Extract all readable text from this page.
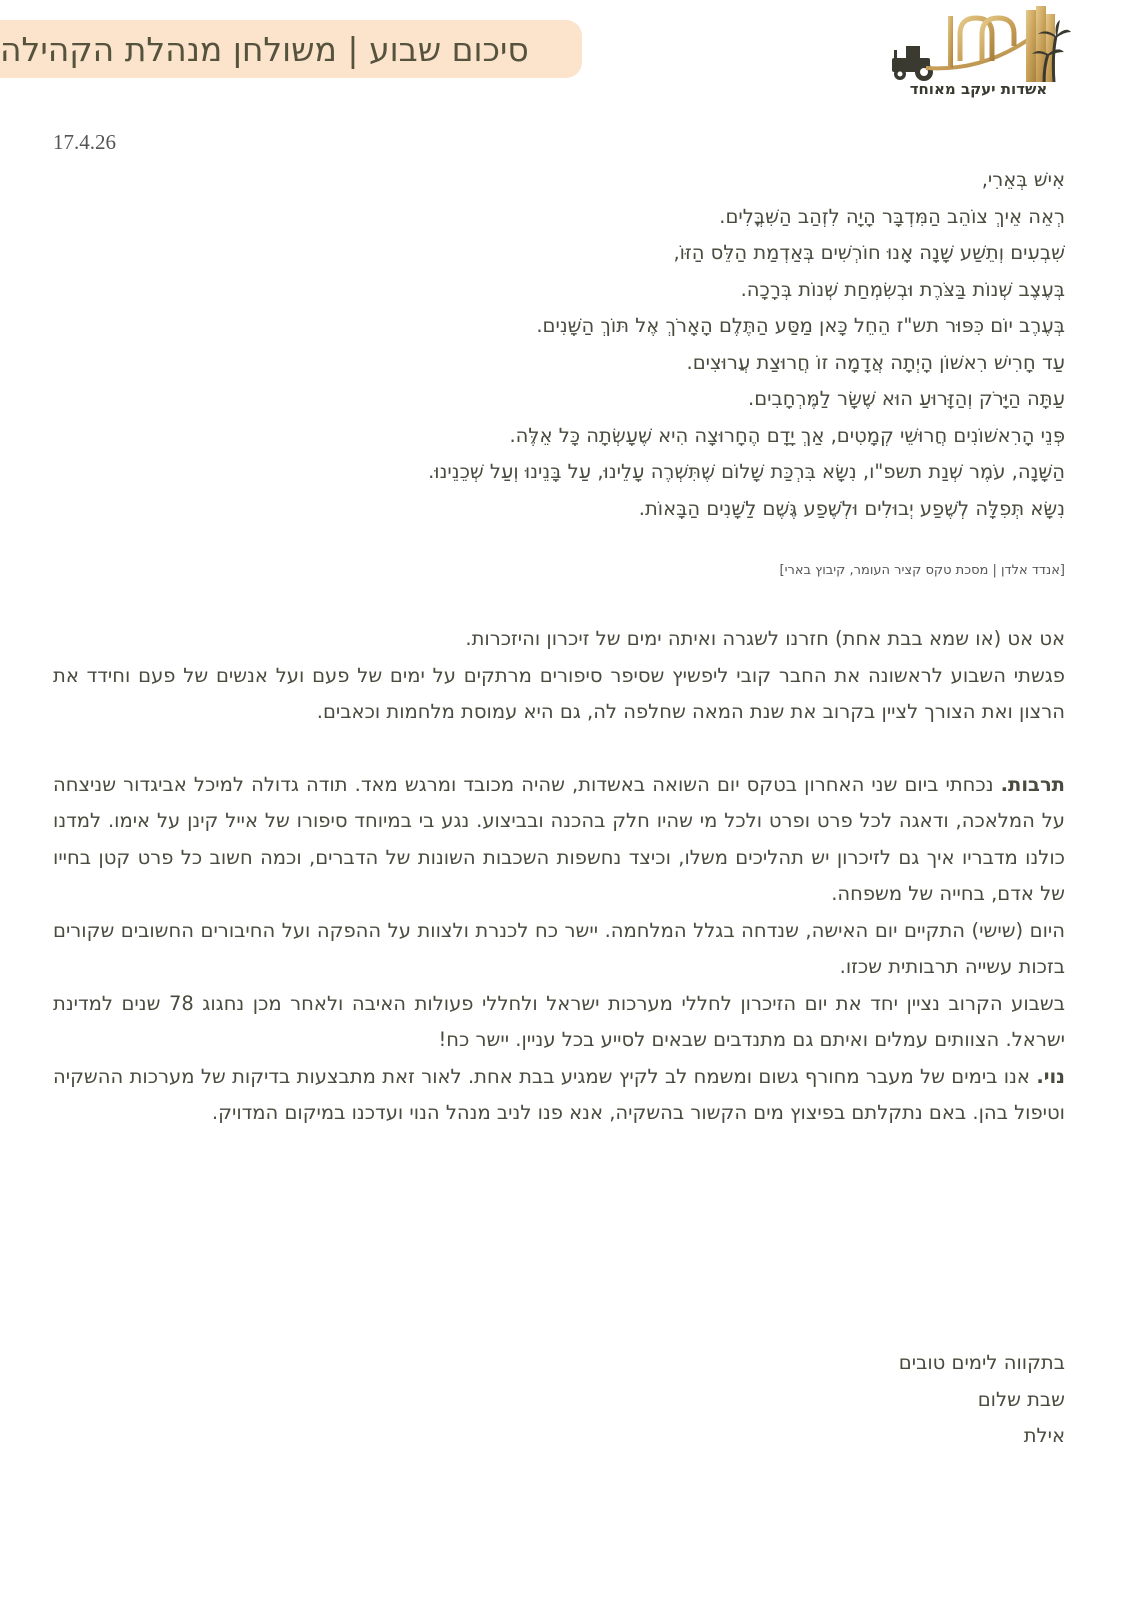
סיכום שבוע | משולחן מנהלת הקהילה
אשדות יעקב מאוחד
17.4.26
אִישׁ בְּאֵרִי,
רְאֵה אֵיךְ צוֹהֵב הַמִּדְבָּר הָיָה לִזְהַב הַשִּׁבֳּלִים.
שִׁבְעִים וְתֵשַׁע שָׁנָה אָנוּ חוֹרְשִׁים בְּאַדְמַת הַלֵּס הַזּוֹ,
בְּעֶצֶב שְׁנוֹת בַּצֹּרֶת וּבְשִׂמְחַת שְׁנוֹת בְּרָכָה.
בְּעֶרֶב יוֹם כִּפּוּר תש"ז הֵחֵל כָּאן מַסַּע הַתֶּלֶם הָאָרֹךְ אֶל תּוֹךְ הַשָּׁנִים.
עַד חָרִישׁ רִאשׁוֹן הָיְתָה אֲדָמָה זוֹ חֲרוּצַת עֲרוּצִים.
עַתָּה הַיָּרֹק וְהַזָּרוּעַ הוּא שֶׁשָּׂר לַמֶּרְחָבִים.
פְּנֵי הָרִאשׁוֹנִים חֲרוּשֵׁי קְמָטִים, אַךְ יָדָם הֶחָרוּצָה הִיא שֶׁעָשְׂתָה כָּל אֵלֶּה.
הַשָּׁנָה, עֹמֶר שְׁנַת תשפ"ו, נִשָּׂא בִּרְכַּת שָׁלוֹם שֶׁתִּשְׁרֶה עָלֵינוּ, עַל בָּנֵינוּ וְעַל שְׁכֵנֵינוּ.
נִשָּׂא תְּפִלָּה לְשֶׁפַע יְבוּלִים וּלְשֶׁפַע גֶּשֶׁם לַשָּׁנִים הַבָּאוֹת.
[אנדד אלדן | מסכת טקס קציר העומר, קיבוץ בארי]

אט אט (או שמא בבת אחת) חזרנו לשגרה ואיתה ימים של זיכרון והיזכרות.

פגשתי השבוע לראשונה את החבר קובי ליפשיץ שסיפר סיפורים מרתקים על ימים של פעם ועל אנשים של פעם וחידד את הרצון ואת הצורך לציין בקרוב את שנת המאה שחלפה לה, גם היא עמוסת מלחמות וכאבים.

תרבות. נכחתי ביום שני האחרון בטקס יום השואה באשדות, שהיה מכובד ומרגש מאד. תודה גדולה למיכל אביגדור שניצחה על המלאכה, ודאגה לכל פרט ופרט ולכל מי שהיו חלק בהכנה ובביצוע. נגע בי במיוחד סיפורו של אייל קינן על אימו. למדנו כולנו מדבריו איך גם לזיכרון יש תהליכים משלו, וכיצד נחשפות השכבות השונות של הדברים, וכמה חשוב כל פרט קטן בחייו של אדם, בחייה של משפחה.

היום (שישי) התקיים יום האישה, שנדחה בגלל המלחמה. יישר כח לכנרת ולצוות על ההפקה ועל החיבורים החשובים שקורים בזכות עשייה תרבותית שכזו.

בשבוע הקרוב נציין יחד את יום הזיכרון לחללי מערכות ישראל ולחללי פעולות האיבה ולאחר מכן נחגוג 78 שנים למדינת ישראל. הצוותים עמלים ואיתם גם מתנדבים שבאים לסייע בכל עניין. יישר כח!

נוי. אנו בימים של מעבר מחורף גשום ומשמח לב לקיץ שמגיע בבת אחת. לאור זאת מתבצעות בדיקות של מערכות ההשקיה וטיפול בהן. באם נתקלתם בפיצוץ מים הקשור בהשקיה, אנא פנו לניב מנהל הנוי ועדכנו במיקום המדויק.

בתקווה לימים טובים
שבת שלום
אילת
